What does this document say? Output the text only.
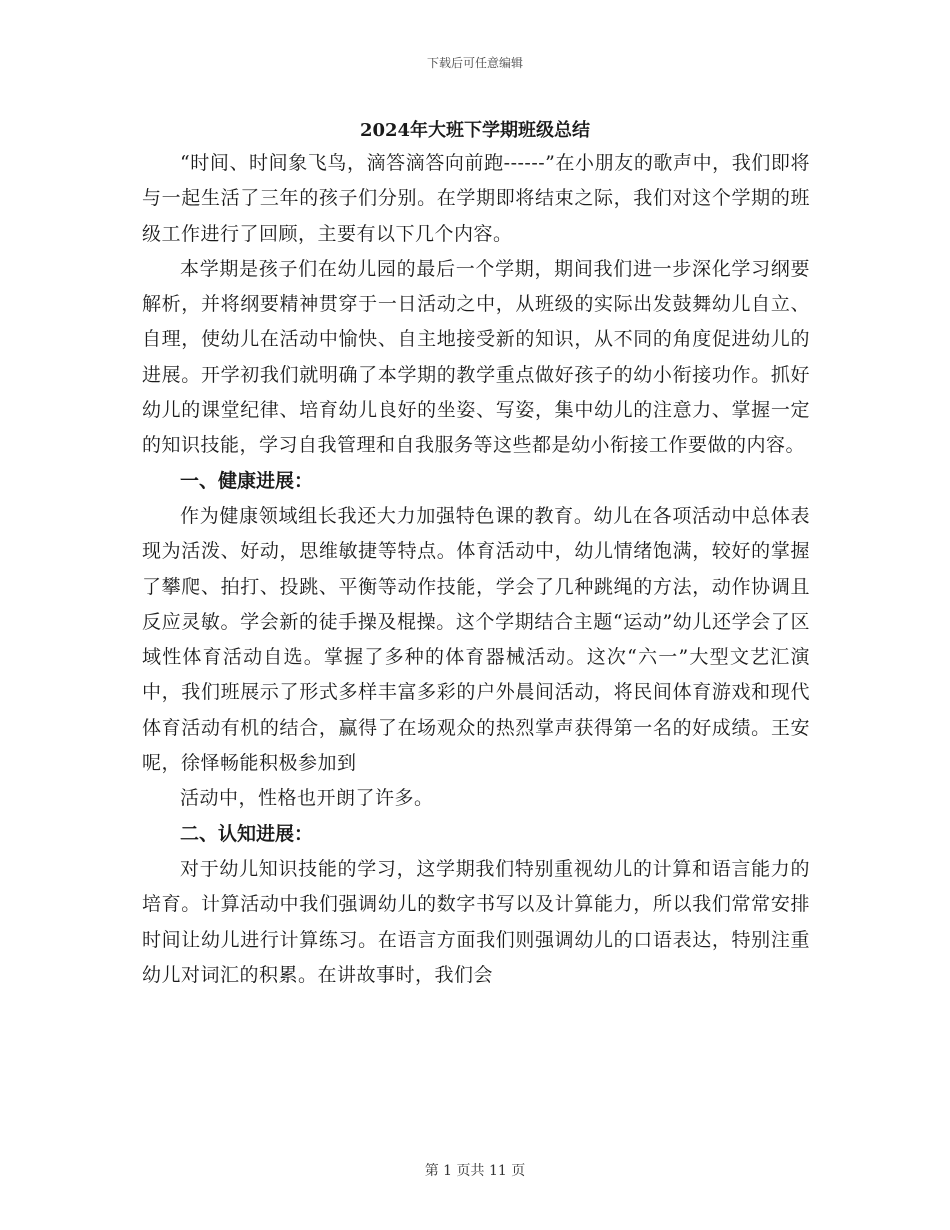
下载后可任意编辑
2024年大班下学期班级总结

“时间、时间象飞鸟，滴答滴答向前跑------”在小朋友的歌声中，我们即将与一起生活了三年的孩子们分别。在学期即将结束之际，我们对这个学期的班级工作进行了回顾，主要有以下几个内容。

本学期是孩子们在幼儿园的最后一个学期，期间我们进一步深化学习纲要解析，并将纲要精神贯穿于一日活动之中，从班级的实际出发鼓舞幼儿自立、自理，使幼儿在活动中愉快、自主地接受新的知识，从不同的角度促进幼儿的进展。开学初我们就明确了本学期的教学重点做好孩子的幼小衔接功作。抓好幼儿的课堂纪律、培育幼儿良好的坐姿、写姿，集中幼儿的注意力、掌握一定的知识技能，学习自我管理和自我服务等这些都是幼小衔接工作要做的内容。

一、健康进展：

作为健康领域组长我还大力加强特色课的教育。幼儿在各项活动中总体表现为活泼、好动，思维敏捷等特点。体育活动中，幼儿情绪饱满，较好的掌握了攀爬、拍打、投跳、平衡等动作技能，学会了几种跳绳的方法，动作协调且反应灵敏。学会新的徒手操及棍操。这个学期结合主题“运动”幼儿还学会了区域性体育活动自选。掌握了多种的体育器械活动。这次“六一”大型文艺汇演中，我们班展示了形式多样丰富多彩的户外晨间活动，将民间体育游戏和现代体育活动有机的结合，赢得了在场观众的热烈掌声获得第一名的好成绩。王安呢，徐怿畅能积极参加到

活动中，性格也开朗了许多。

二、认知进展：

对于幼儿知识技能的学习，这学期我们特别重视幼儿的计算和语言能力的培育。计算活动中我们强调幼儿的数字书写以及计算能力，所以我们常常安排时间让幼儿进行计算练习。在语言方面我们则强调幼儿的口语表达，特别注重幼儿对词汇的积累。在讲故事时，我们会

第 1 页共 11 页
